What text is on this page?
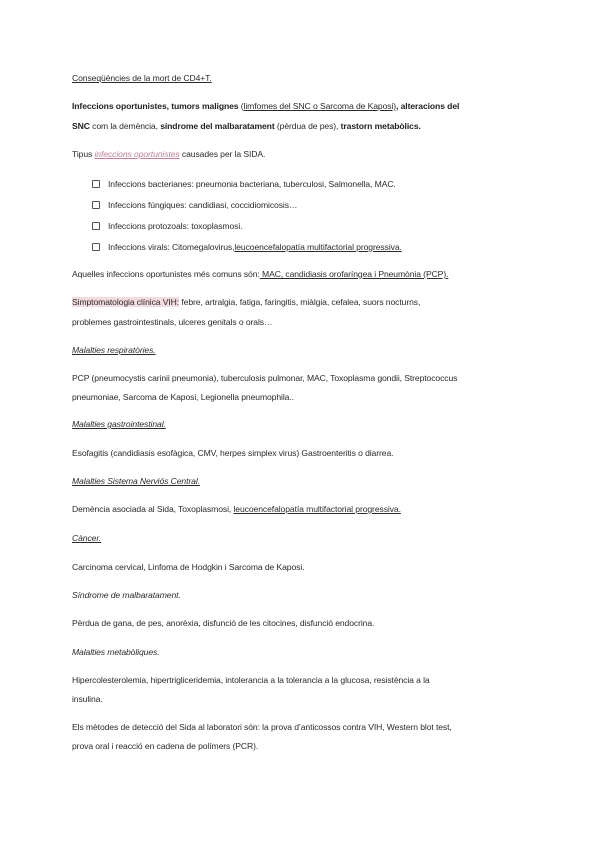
Conseqüències de la mort de CD4+T.
Infeccions oportunistes, tumors malignes (limfomes del SNC o Sarcoma de Kaposi), alteracions del
SNC com la demència, síndrome del malbaratament (pèrdua de pes), trastorn metabòlics.
Tipus infeccions oportunistes causades per la SIDA.
Infeccions bacterianes: pneumonia bacteriana, tuberculosi, Salmonella, MAC.
Infeccions fúngiques: candidiasi, coccidiomicosis…
Infeccions protozoals: toxoplasmosi.
Infeccions virals: Citomegalovirus, leucoencefalopatía multifactorial progressiva.
Aquelles infeccions oportunistes més comuns són: MAC, candidiasis orofaríngea i Pneumònia (PCP).
Simptomatologia clínica VIH: febre, artralgia, fatiga, faringitis, miàlgia, cefalea, suors nocturns,
problemes gastrointestinals, ulceres genitals o orals…
Malalties respiratòries.
PCP (pneumocystis carinii pneumonia), tuberculosis pulmonar, MAC, Toxoplasma gondii, Streptococcus
pneumoniae, Sarcoma de Kaposi, Legionella pneumophila..
Malalties gastrointestinal.
Esofagitis (candidiasis esofàgica, CMV, herpes simplex virus) Gastroenteritis o diarrea.
Malalties Sistema Nerviós Central.
Demència asociada al Sida, Toxoplasmosi, leucoencefalopatía multifactorial progressiva.
Càncer.
Carcinoma cervical, Linfoma de Hodgkin i Sarcoma de Kaposi.
Síndrome de malbaratament.
Pèrdua de gana, de pes, anorèxia, disfunció de les citocines, disfunció endocrina.
Malalties metabòliques.
Hipercolesterolemia, hipertrigliceridemia, intolerancia a la tolerancia a la glucosa, resistència a la
insulina.
Els mètodes de detecció del Sida al laboratori són: la prova d’anticossos contra VIH, Western blot test,
prova oral i reacció en cadena de polímers (PCR).
